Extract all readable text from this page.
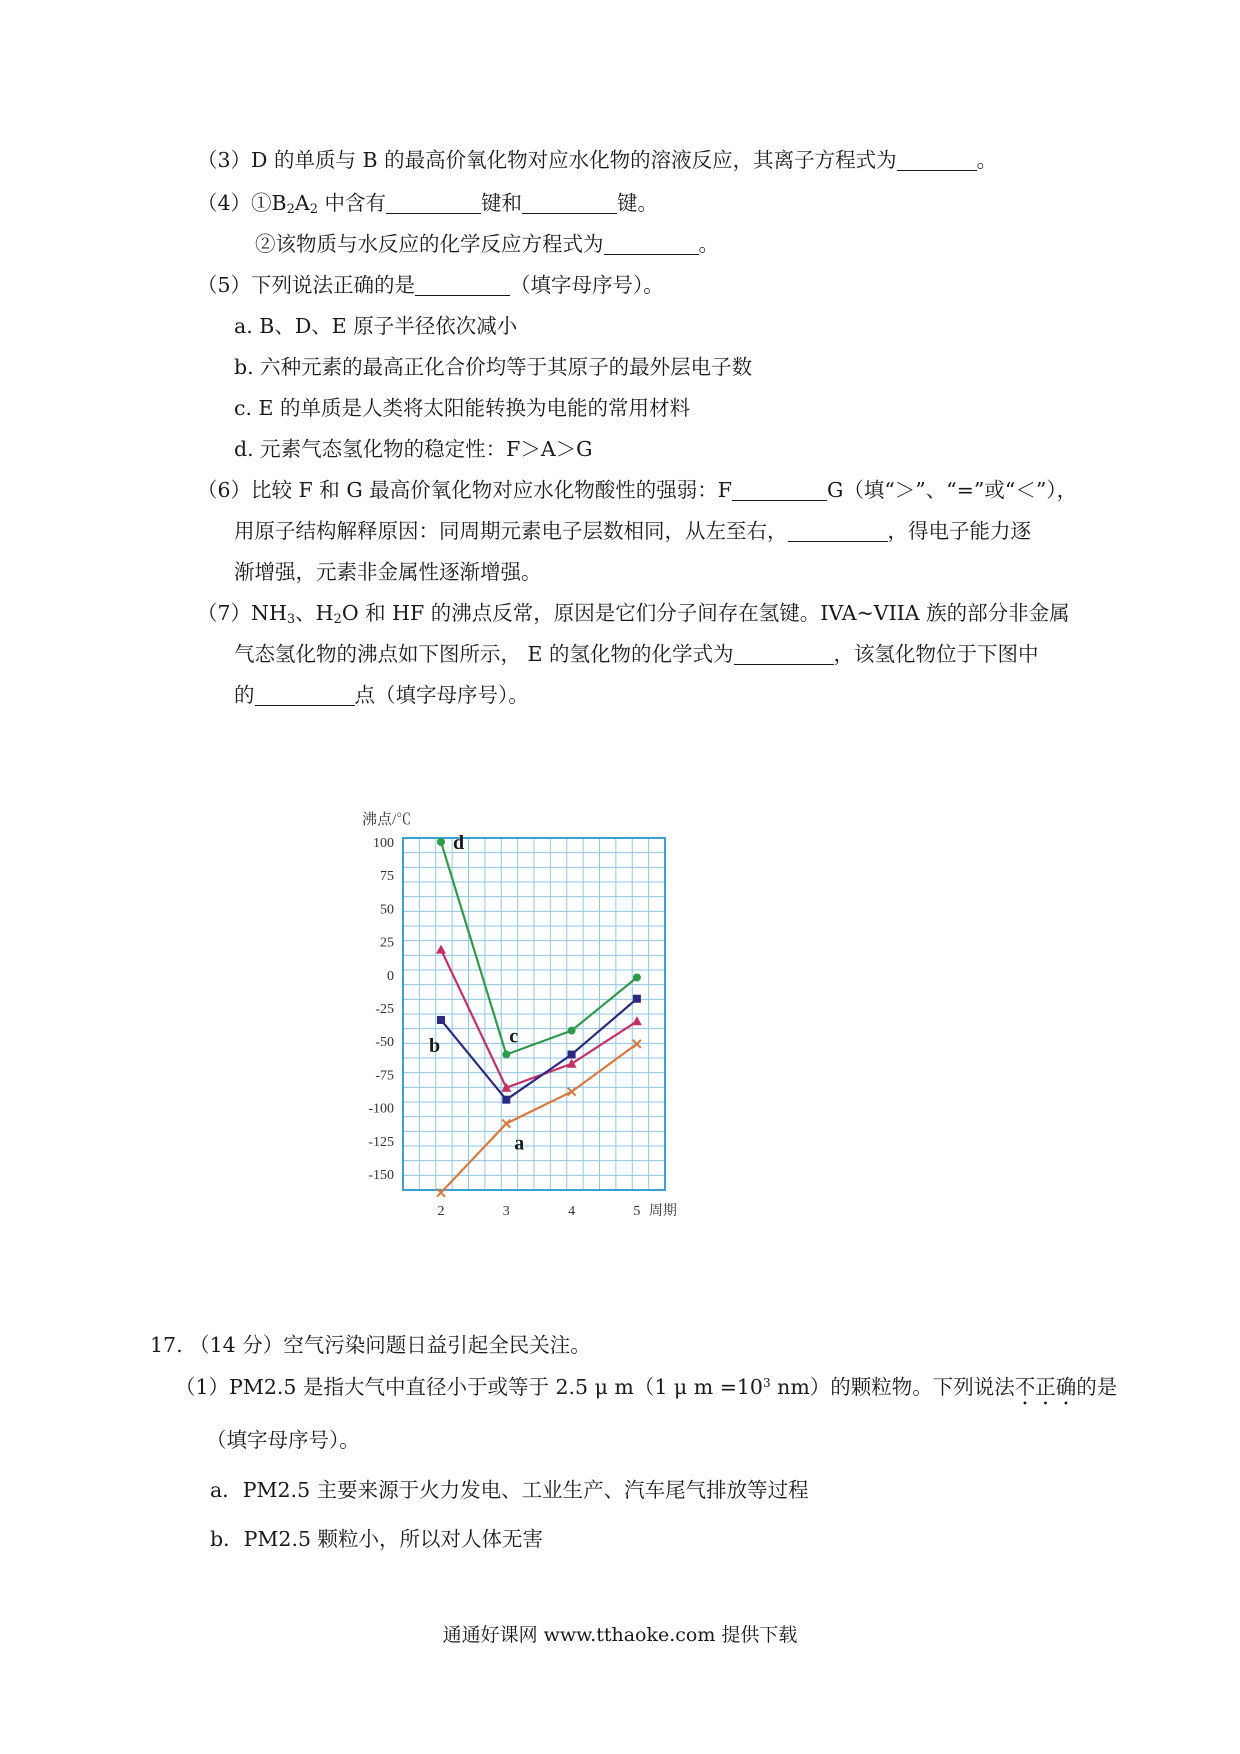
（3）D 的单质与 B 的最高价氧化物对应水化物的溶液反应，其离子方程式为	。
$(4)①B_2A_2$ 中含有	键和	键。
②该物质与水反应的化学反应方程式为	。
（5）下列说法正确的是	（填字母序号）。
a. B、D、E 原子半径依次减小
b. 六种元素的最高正化合价均等于其原子的最外层电子数
c. E 的单质是人类将太阳能转换为电能的常用材料
d. 元素气态氢化物的稳定性：F＞A＞G
（6）比较 F 和 G 最高价氧化物对应水化物酸性的强弱：F	G（填“＞”、“=”或“＜”），
用原子结构解释原因：同周期元素电子层数相同，从左至右，	，得电子能力逐
渐增强，元素非金属性逐渐增强。
$(7)NH_3$、$H_2O$ 和 HF 的沸点反常，原因是它们分子间存在氢键。IVA~VIIA 族的部分非金属
气态氢化物的沸点如下图所示， E 的氢化物的化学式为	，该氢化物位于下图中
的	点（填字母序号）。
沸点/℃
100
75
50
25
0
-25
-50
-75
-100
-125
-150
2	3	4	5 周期
d
c
b
a
17. （14 分）空气污染问题日益引起全民关注。
（1）PM2.5 是指大气中直径小于或等于 2.5 μ m（1 μ $m =10^3$ nm）的颗粒物。下列说法不正确的是
（填字母序号）。
a．PM2.5 主要来源于火力发电、工业生产、汽车尾气排放等过程
b．PM2.5 颗粒小，所以对人体无害
通通好课网 www.tthaoke.com 提供下载
